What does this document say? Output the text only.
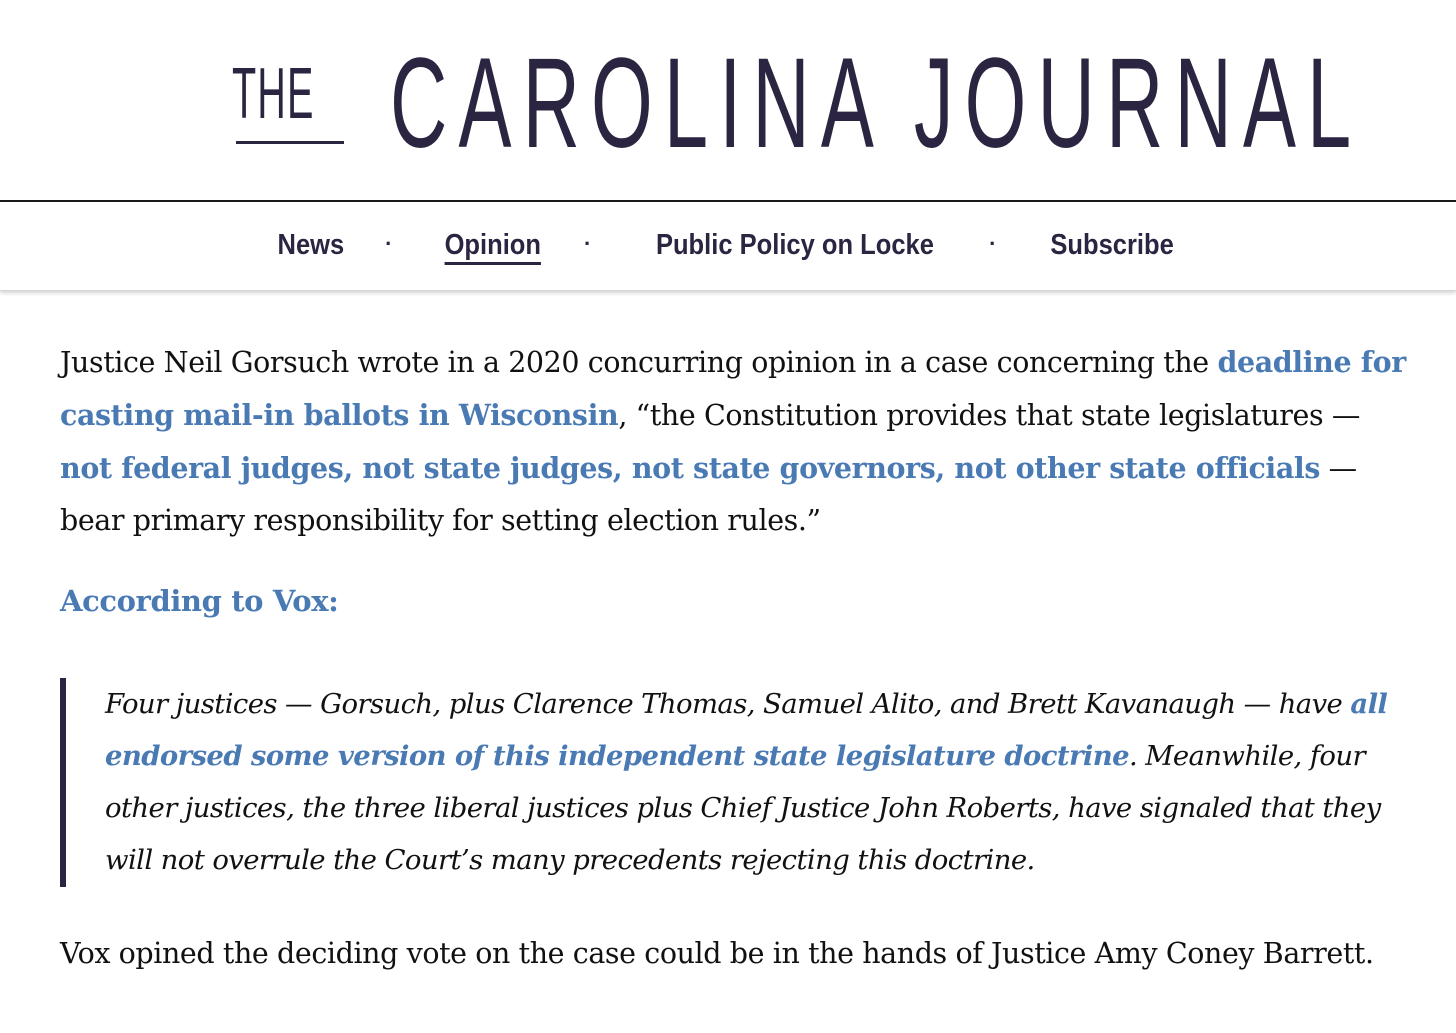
THE CAROLINA JOURNAL
News	· Opinion	· Public Policy on Locke	· Subscribe

Justice Neil Gorsuch wrote in a 2020 concurring opinion in a case concerning the deadline for casting mail-in ballots in Wisconsin, “the Constitution provides that state legislatures — not federal judges, not state judges, not state governors, not other state officials — bear primary responsibility for setting election rules.”

According to Vox:

Four justices — Gorsuch, plus Clarence Thomas, Samuel Alito, and Brett Kavanaugh — have all endorsed some version of this independent state legislature doctrine. Meanwhile, four other justices, the three liberal justices plus Chief Justice John Roberts, have signaled that they will not overrule the Court’s many precedents rejecting this doctrine.

Vox opined the deciding vote on the case could be in the hands of Justice Amy Coney Barrett.
